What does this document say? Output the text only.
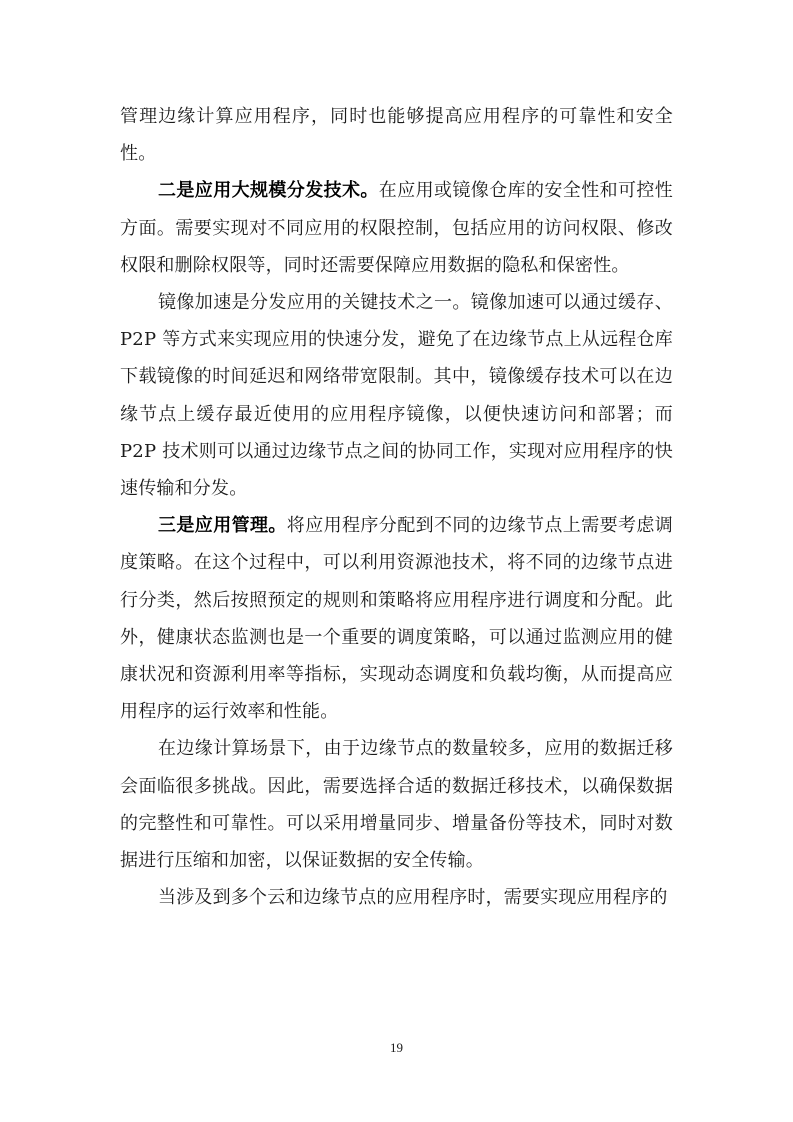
管理边缘计算应用程序，同时也能够提高应用程序的可靠性和安全性。

二是应用大规模分发技术。在应用或镜像仓库的安全性和可控性方面。需要实现对不同应用的权限控制，包括应用的访问权限、修改权限和删除权限等，同时还需要保障应用数据的隐私和保密性。

镜像加速是分发应用的关键技术之一。镜像加速可以通过缓存、P2P 等方式来实现应用的快速分发，避免了在边缘节点上从远程仓库下载镜像的时间延迟和网络带宽限制。其中，镜像缓存技术可以在边缘节点上缓存最近使用的应用程序镜像，以便快速访问和部署；而 P2P 技术则可以通过边缘节点之间的协同工作，实现对应用程序的快速传输和分发。

三是应用管理。将应用程序分配到不同的边缘节点上需要考虑调度策略。在这个过程中，可以利用资源池技术，将不同的边缘节点进行分类，然后按照预定的规则和策略将应用程序进行调度和分配。此外，健康状态监测也是一个重要的调度策略，可以通过监测应用的健康状况和资源利用率等指标，实现动态调度和负载均衡，从而提高应用程序的运行效率和性能。

在边缘计算场景下，由于边缘节点的数量较多，应用的数据迁移会面临很多挑战。因此，需要选择合适的数据迁移技术，以确保数据的完整性和可靠性。可以采用增量同步、增量备份等技术，同时对数据进行压缩和加密，以保证数据的安全传输。

当涉及到多个云和边缘节点的应用程序时，需要实现应用程序的

19
